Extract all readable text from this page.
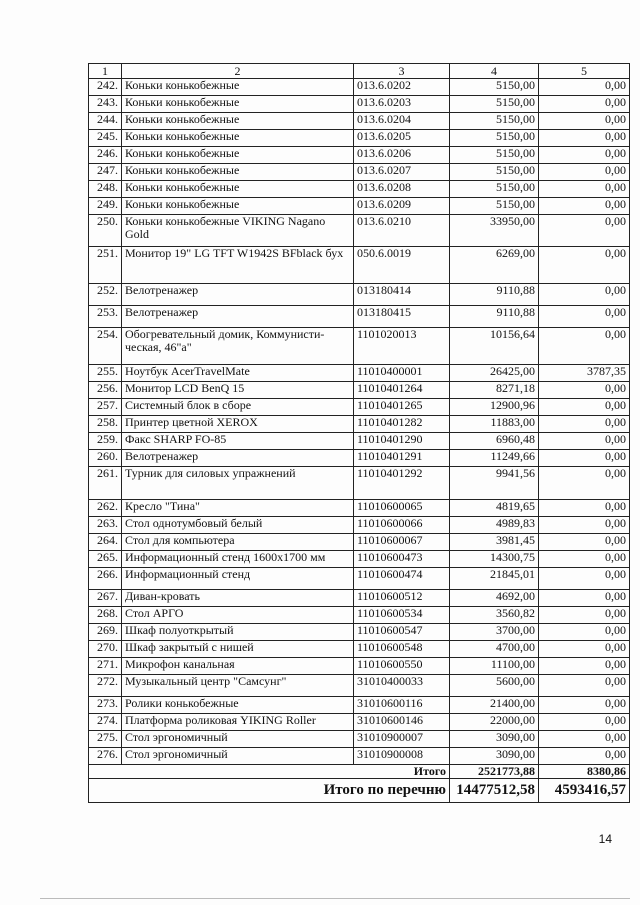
1	2	3	4	5
242.	Коньки конькобежные	013.6.0202	5150,00	0,00
243.	Коньки конькобежные	013.6.0203	5150,00	0,00
244.	Коньки конькобежные	013.6.0204	5150,00	0,00
245.	Коньки конькобежные	013.6.0205	5150,00	0,00
246.	Коньки конькобежные	013.6.0206	5150,00	0,00
247.	Коньки конькобежные	013.6.0207	5150,00	0,00
248.	Коньки конькобежные	013.6.0208	5150,00	0,00
249.	Коньки конькобежные	013.6.0209	5150,00	0,00
250.	Коньки конькобежные VIKING Nagano Gold	013.6.0210	33950,00	0,00
251.	Монитор 19" LG TFT W1942S BFblack бух	050.6.0019	6269,00	0,00
252.	Велотренажер	013180414	9110,88	0,00
253.	Велотренажер	013180415	9110,88	0,00
254.	Обогревательный домик, Коммунисти-ческая, 46"а"	1101020013	10156,64	0,00
255.	Ноутбук AcerTravelMate	11010400001	26425,00	3787,35
256.	Монитор LCD BenQ 15	11010401264	8271,18	0,00
257.	Системный блок в сборе	11010401265	12900,96	0,00
258.	Принтер цветной XEROX	11010401282	11883,00	0,00
259.	Факс SHARP FO-85	11010401290	6960,48	0,00
260.	Велотренажер	11010401291	11249,66	0,00
261.	Турник для силовых упражнений	11010401292	9941,56	0,00
262.	Кресло "Тина"	11010600065	4819,65	0,00
263.	Стол однотумбовый белый	11010600066	4989,83	0,00
264.	Стол для компьютера	11010600067	3981,45	0,00
265.	Информационный стенд 1600х1700 мм	11010600473	14300,75	0,00
266.	Информационный стенд	11010600474	21845,01	0,00
267.	Диван-кровать	11010600512	4692,00	0,00
268.	Стол АРГО	11010600534	3560,82	0,00
269.	Шкаф полуоткрытый	11010600547	3700,00	0,00
270.	Шкаф закрытый с нишей	11010600548	4700,00	0,00
271.	Микрофон канальная	11010600550	11100,00	0,00
272.	Музыкальный центр "Самсунг"	31010400033	5600,00	0,00
273.	Ролики конькобежные	31010600116	21400,00	0,00
274.	Платформа роликовая YIKING Roller	31010600146	22000,00	0,00
275.	Стол эргономичный	31010900007	3090,00	0,00
276.	Стол эргономичный	31010900008	3090,00	0,00
Итого			2521773,88	8380,86
Итого по перечню			14477512,58	4593416,57
14
